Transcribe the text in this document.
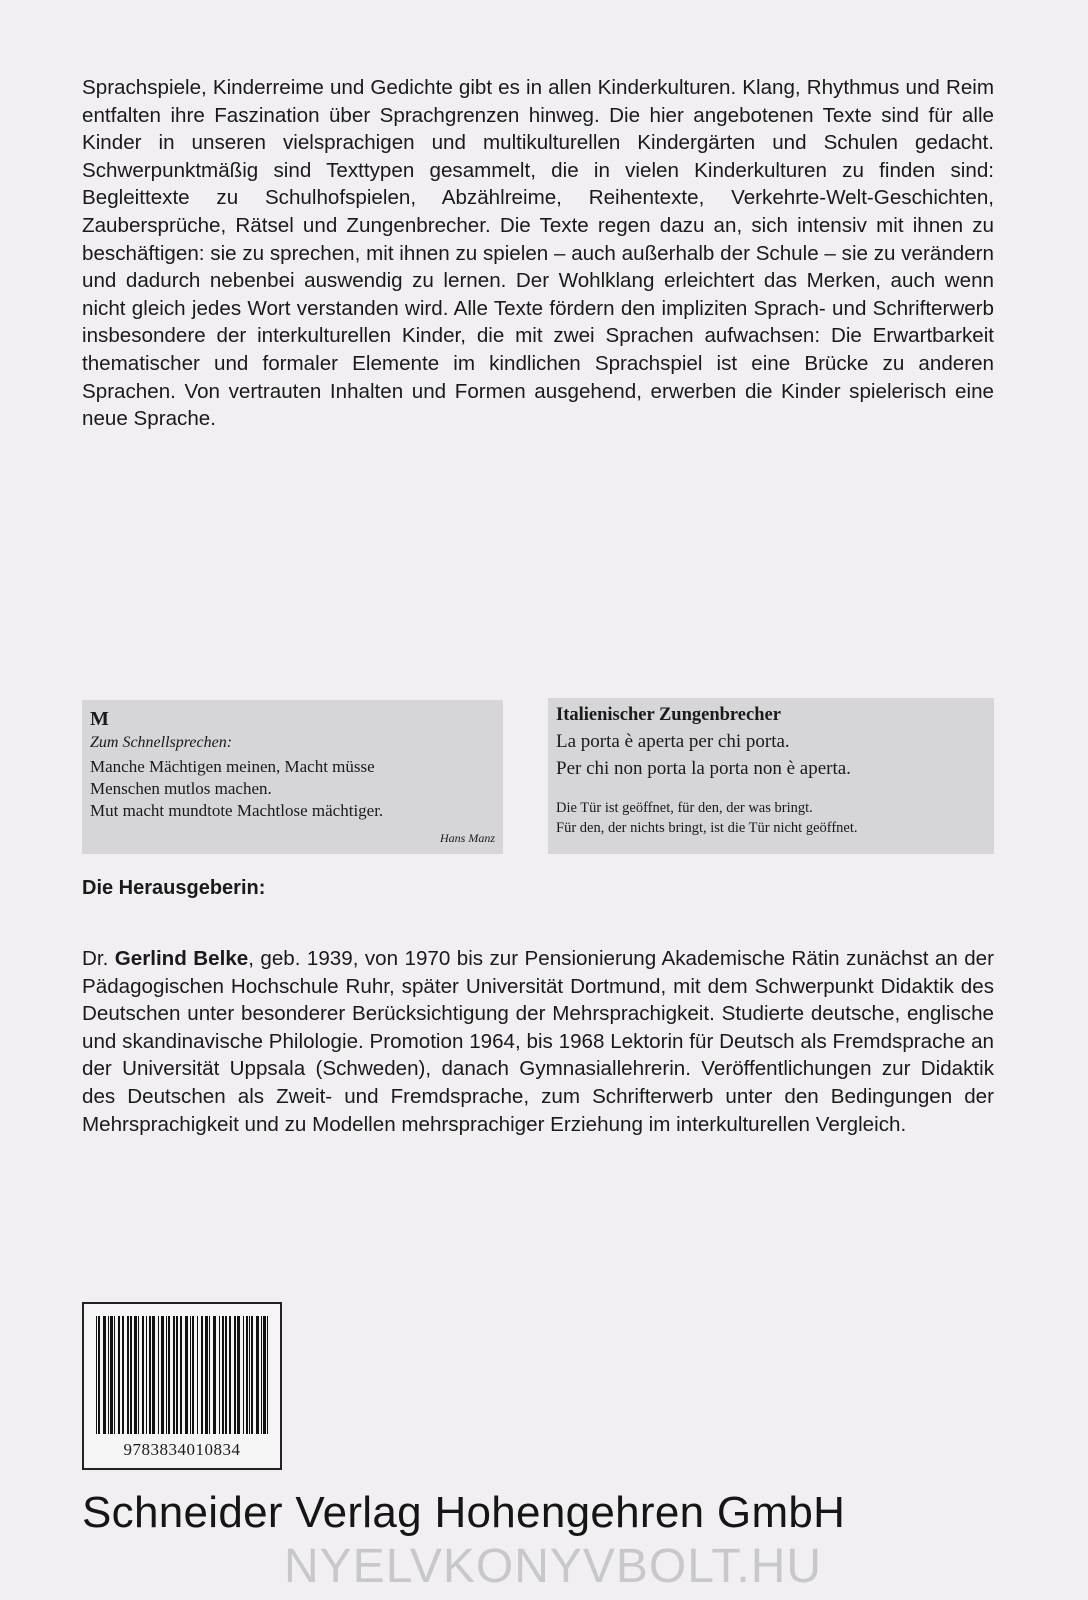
Sprachspiele, Kinderreime und Gedichte gibt es in allen Kinderkulturen. Klang, Rhythmus und Reim entfalten ihre Faszination über Sprachgrenzen hinweg. Die hier angebotenen Texte sind für alle Kinder in unseren vielsprachigen und multikulturellen Kindergärten und Schulen gedacht. Schwerpunktmäßig sind Texttypen gesammelt, die in vielen Kinderkulturen zu finden sind: Begleittexte zu Schulhofspielen, Abzählreime, Reihentexte, Verkehrte-Welt-Geschichten, Zaubersprüche, Rätsel und Zungenbrecher. Die Texte regen dazu an, sich intensiv mit ihnen zu beschäftigen: sie zu sprechen, mit ihnen zu spielen – auch außerhalb der Schule – sie zu verändern und dadurch nebenbei auswendig zu lernen. Der Wohlklang erleichtert das Merken, auch wenn nicht gleich jedes Wort verstanden wird. Alle Texte fördern den impliziten Sprach- und Schrifterwerb insbesondere der interkulturellen Kinder, die mit zwei Sprachen aufwachsen: Die Erwartbarkeit thematischer und formaler Elemente im kindlichen Sprachspiel ist eine Brücke zu anderen Sprachen. Von vertrauten Inhalten und Formen ausgehend, erwerben die Kinder spielerisch eine neue Sprache.

M
Zum Schnellsprechen:
Manche Mächtigen meinen, Macht müsse
Menschen mutlos machen.
Mut macht mundtote Machtlose mächtiger.
Hans Manz
Italienischer Zungenbrecher
La porta è aperta per chi porta.
Per chi non porta la porta non è aperta.
Die Tür ist geöffnet, für den, der was bringt.
Für den, der nichts bringt, ist die Tür nicht geöffnet.

Die Herausgeberin:

Dr. Gerlind Belke, geb. 1939, von 1970 bis zur Pensionierung Akademische Rätin zunächst an der Pädagogischen Hochschule Ruhr, später Universität Dortmund, mit dem Schwerpunkt Didaktik des Deutschen unter besonderer Berücksichtigung der Mehrsprachigkeit. Studierte deutsche, englische und skandinavische Philologie. Promotion 1964, bis 1968 Lektorin für Deutsch als Fremdsprache an der Universität Uppsala (Schweden), danach Gymnasiallehrerin. Veröffentlichungen zur Didaktik des Deutschen als Zweit- und Fremdsprache, zum Schrifterwerb unter den Bedingungen der Mehrsprachigkeit und zu Modellen mehrsprachiger Erziehung im interkulturellen Vergleich.

9783834010834
Schneider Verlag Hohengehren GmbH
NYELVKONYVBOLT.HU
